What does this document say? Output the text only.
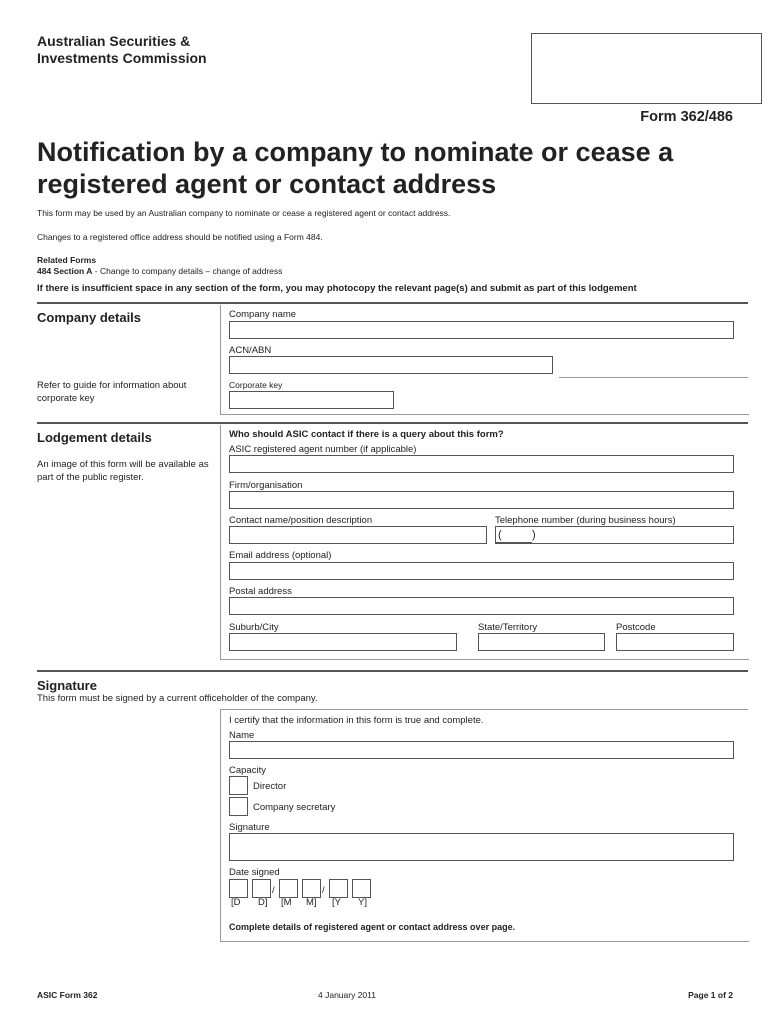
Australian Securities &
Investments Commission
Form 362/486
Notification by a company to nominate or cease a
registered agent or contact address
This form may be used by an Australian company to nominate or cease a registered agent or contact address.
Changes to a registered office address should be notified using a Form 484.
Related Forms
484 Section A - Change to company details – change of address
If there is insufficient space in any section of the form, you may photocopy the relevant page(s) and submit as part of this lodgement
Company details
Refer to guide for information about corporate key
Company name
ACN/ABN
Corporate key
Lodgement details
An image of this form will be available as part of the public register.
Who should ASIC contact if there is a query about this form?
ASIC registered agent number (if applicable)
Firm/organisation
Contact name/position description	Telephone number (during business hours)
(	)
Email address (optional)
Postal address
Suburb/City	State/Territory	Postcode
Signature
This form must be signed by a current officeholder of the company.
I certify that the information in this form is true and complete.
Name
Capacity
Director
Company secretary
Signature
Date signed
/	/
[D D] [M M] [Y Y]
Complete details of registered agent or contact address over page.
ASIC Form 362	4 January 2011	Page 1 of 2
